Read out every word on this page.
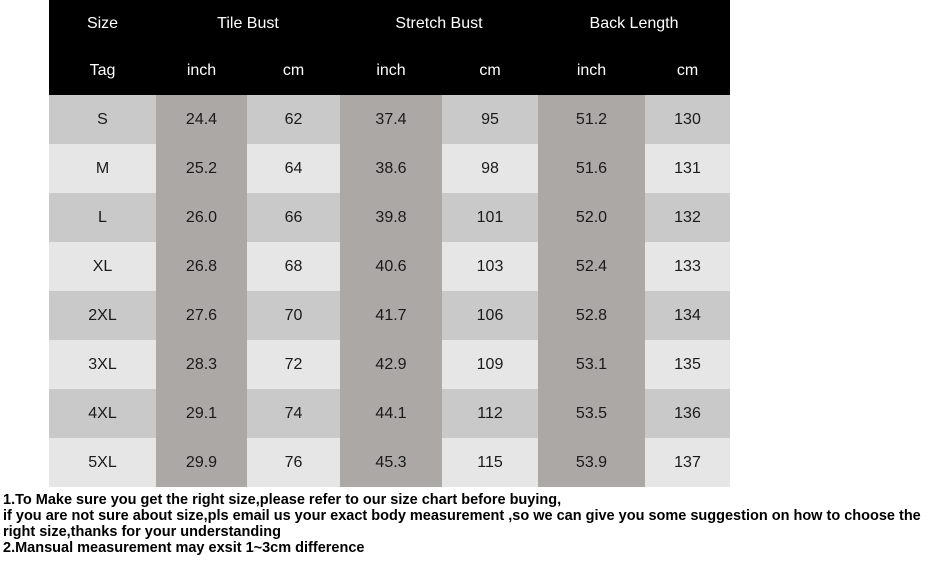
Size	Tile Bust		Stretch Bust		Back Length	
Tag	inch	cm	inch	cm	inch	cm
S	24.4	62	37.4	95	51.2	130
M	25.2	64	38.6	98	51.6	131
L	26.0	66	39.8	101	52.0	132
XL	26.8	68	40.6	103	52.4	133
2XL	27.6	70	41.7	106	52.8	134
3XL	28.3	72	42.9	109	53.1	135
4XL	29.1	74	44.1	112	53.5	136
5XL	29.9	76	45.3	115	53.9	137
1.To Make sure you get the right size,please refer to our size chart before buying,
if you are not sure about size,pls email us your exact body measurement ,so we can give you some suggestion on how to choose the right size,thanks for your understanding
2.Mansual measurement may exsit 1~3cm difference
